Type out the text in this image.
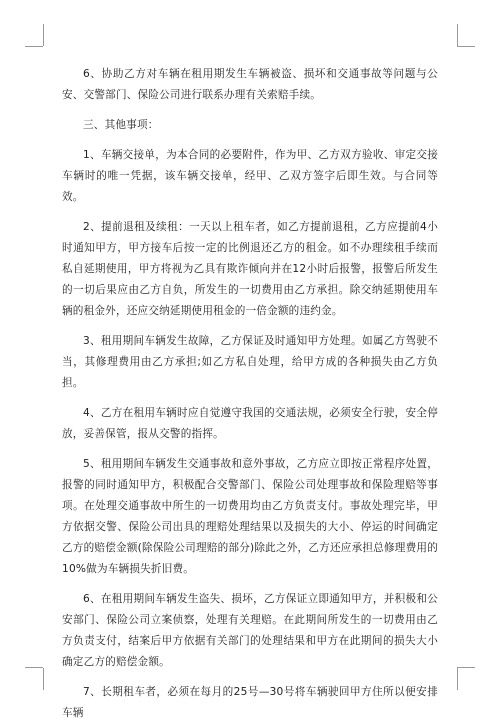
6、协助乙方对车辆在租用期发生车辆被盗、损坏和交通事故等问题与公安、交警部门、保险公司进行联系办理有关索赔手续。

三、其他事项：

1、车辆交接单，为本合同的必要附件，作为甲、乙方双方验收、审定交接车辆时的唯一凭据，该车辆交接单，经甲、乙双方签字后即生效。与合同等效。

2、提前退租及续租：一天以上租车者，如乙方提前退租，乙方应提前4小时通知甲方，甲方接车后按一定的比例退还乙方的租金。如不办理续租手续而私自延期使用，甲方将视为乙具有欺诈倾向并在12小时后报警，报警后所发生的一切后果应由乙方自负，所发生的一切费用由乙方承担。除交纳延期使用车辆的租金外，还应交纳延期使用租金的一倍金额的违约金。

3、租用期间车辆发生故障，乙方保证及时通知甲方处理。如属乙方驾驶不当，其修理费用由乙方承担;如乙方私自处理，给甲方成的各种损失由乙方负担。

4、乙方在租用车辆时应自觉遵守我国的交通法规，必须安全行驶，安全停放，妥善保管，报从交警的指挥。

5、租用期间车辆发生交通事故和意外事故，乙方应立即按正常程序处置，报警的同时通知甲方，积极配合交警部门、保险公司处理事故和保险理赔等事项。在处理交通事故中所生的一切费用均由乙方负责支付。事故处理完毕，甲方依据交警、保险公司出具的理赔处理结果以及损失的大小、停运的时间确定乙方的赔偿金额(除保险公司理赔的部分)除此之外，乙方还应承担总修理费用的10%做为车辆损失折旧费。

6、在租用期间车辆发生盗失、损坏，乙方保证立即通知甲方，并积极和公安部门、保险公司立案侦察，处理有关理赔。在此期间所发生的一切费用由乙方负责支付，结案后甲方依据有关部门的处理结果和甲方在此期间的损失大小确定乙方的赔偿金额。

7、长期租车者，必须在每月的25号—30号将车辆驶回甲方住所以便安排车辆
